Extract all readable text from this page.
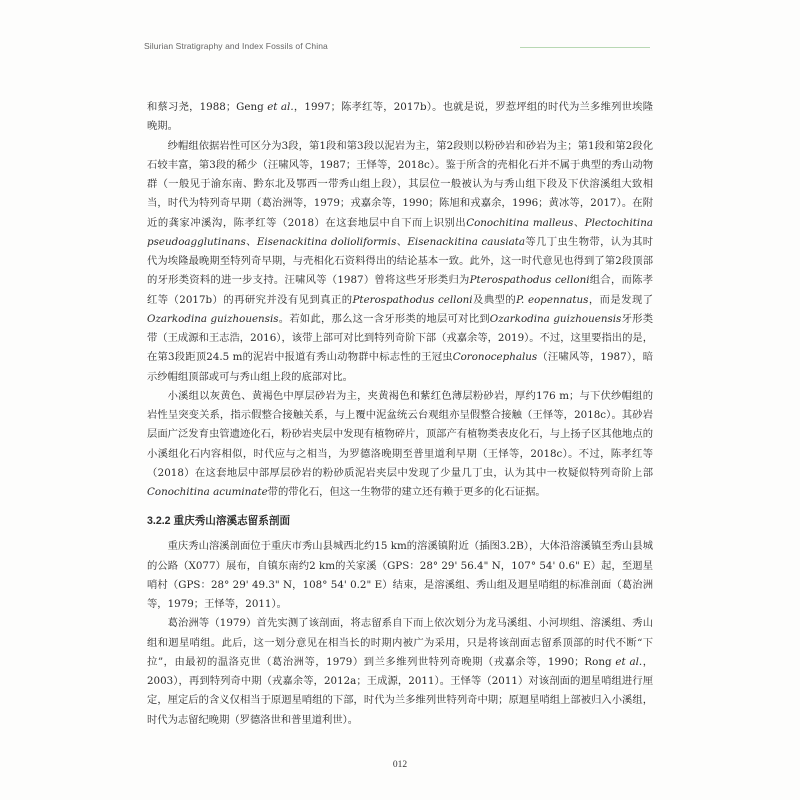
Silurian Stratigraphy and Index Fossils of China

和蔡习尧，1988；Geng et al.，1997；陈孝红等，2017b）。也就是说，罗惹坪组的时代为兰多维列世埃隆晚期。

纱帽组依据岩性可区分为3段，第1段和第3段以泥岩为主，第2段则以粉砂岩和砂岩为主；第1段和第2段化石较丰富，第3段的稀少（汪啸风等，1987；王怿等，2018c）。鉴于所含的壳相化石并不属于典型的秀山动物群（一般见于渝东南、黔东北及鄂西一带秀山组上段），其层位一般被认为与秀山组下段及下伏溶溪组大致相当，时代为特列奇早期（葛治洲等，1979；戎嘉余等，1990；陈旭和戎嘉余，1996；黄冰等，2017）。在附近的龚家冲溪沟，陈孝红等（2018）在这套地层中自下而上识别出Conochitina malleus、Plectochitina pseudoagglutinans、Eisenackitina dolioliformis、Eisenackitina causiata等几丁虫生物带，认为其时代为埃隆最晚期至特列奇早期，与壳相化石资料得出的结论基本一致。此外，这一时代意见也得到了第2段顶部的牙形类资料的进一步支持。汪啸风等（1987）曾将这些牙形类归为Pterospathodus celloni组合，而陈孝红等（2017b）的再研究并没有见到真正的Pterospathodus celloni及典型的P. eopennatus，而是发现了Ozarkodina guizhouensis。若如此，那么这一含牙形类的地层可对比到Ozarkodina guizhouensis牙形类带（王成源和王志浩，2016），该带上部可对比到特列奇阶下部（戎嘉余等，2019）。不过，这里要指出的是，在第3段距顶24.5 m的泥岩中报道有秀山动物群中标志性的王冠虫Coronocephalus（汪啸风等，1987），暗示纱帽组顶部或可与秀山组上段的底部对比。

小溪组以灰黄色、黄褐色中厚层砂岩为主，夹黄褐色和紫红色薄层粉砂岩，厚约176 m；与下伏纱帽组的岩性呈突变关系，指示假整合接触关系，与上覆中泥盆统云台观组亦呈假整合接触（王怿等，2018c）。其砂岩层面广泛发育虫管遗迹化石，粉砂岩夹层中发现有植物碎片，顶部产有植物类表皮化石，与上扬子区其他地点的小溪组化石内容相似，时代应与之相当，为罗德洛晚期至普里道利早期（王怿等，2018c）。不过，陈孝红等（2018）在这套地层中部厚层砂岩的粉砂质泥岩夹层中发现了少量几丁虫，认为其中一枚疑似特列奇阶上部Conochitina acuminate带的带化石，但这一生物带的建立还有赖于更多的化石证据。

3.2.2 重庆秀山溶溪志留系剖面

重庆秀山溶溪剖面位于重庆市秀山县城西北约15 km的溶溪镇附近（插图3.2B），大体沿溶溪镇至秀山县城的公路（X077）展布，自镇东南约2 km的关家溪（GPS：28° 29' 56.4" N，107° 54' 0.6" E）起，至迴星哨村（GPS：28° 29' 49.3" N，108° 54' 0.2" E）结束，是溶溪组、秀山组及迴星哨组的标准剖面（葛治洲等，1979；王怿等，2011）。

葛治洲等（1979）首先实测了该剖面，将志留系自下而上依次划分为龙马溪组、小河坝组、溶溪组、秀山组和迴星哨组。此后，这一划分意见在相当长的时期内被广为采用，只是将该剖面志留系顶部的时代不断“下拉”，由最初的温洛克世（葛治洲等，1979）到兰多维列世特列奇晚期（戎嘉余等，1990；Rong et al.，2003），再到特列奇中期（戎嘉余等，2012a；王成源，2011）。王怿等（2011）对该剖面的迴星哨组进行厘定，厘定后的含义仅相当于原迴星哨组的下部，时代为兰多维列世特列奇中期；原迴星哨组上部被归入小溪组，时代为志留纪晚期（罗德洛世和普里道利世）。

012
